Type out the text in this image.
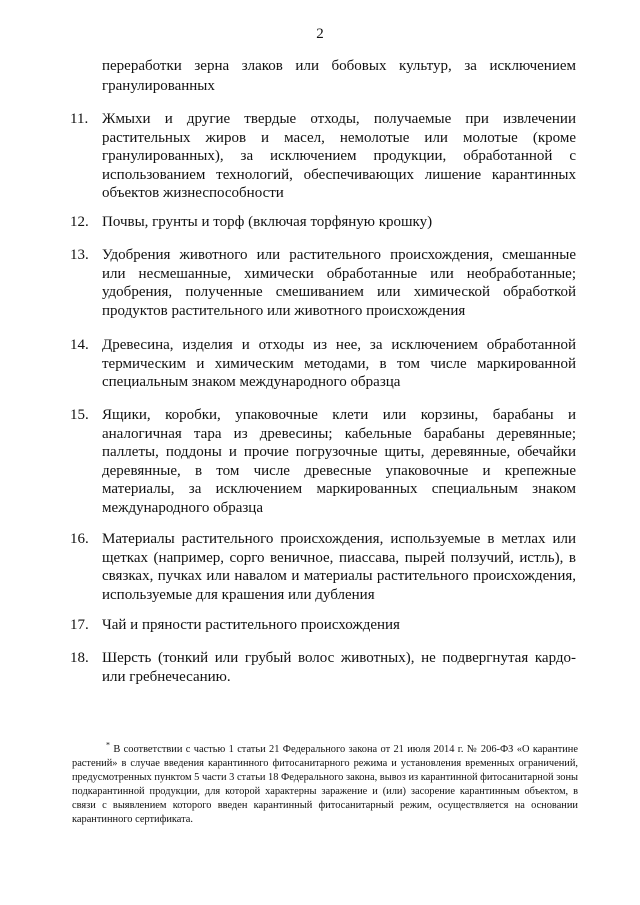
2
переработки зерна злаков или бобовых культур, за исключением гранулированных
11. Жмыхи и другие твердые отходы, получаемые при извлечении растительных жиров и масел, немолотые или молотые (кроме гранулированных), за исключением продукции, обработанной с использованием технологий, обеспечивающих лишение карантинных объектов жизнеспособности
12. Почвы, грунты и торф (включая торфяную крошку)
13. Удобрения животного или растительного происхождения, смешанные или несмешанные, химически обработанные или необработанные; удобрения, полученные смешиванием или химической обработкой продуктов растительного или животного происхождения
14. Древесина, изделия и отходы из нее, за исключением обработанной термическим и химическим методами, в том числе маркированной специальным знаком международного образца
15. Ящики, коробки, упаковочные клети или корзины, барабаны и аналогичная тара из древесины; кабельные барабаны деревянные; паллеты, поддоны и прочие погрузочные щиты, деревянные, обечайки деревянные, в том числе древесные упаковочные и крепежные материалы, за исключением маркированных специальным знаком международного образца
16. Материалы растительного происхождения, используемые в метлах или щетках (например, сорго веничное, пиассава, пырей ползучий, истль), в связках, пучках или навалом и материалы растительного происхождения, используемые для крашения или дубления
17. Чай и пряности растительного происхождения
18. Шерсть (тонкий или грубый волос животных), не подвергнутая кардо- или гребнечесанию.
* В соответствии с частью 1 статьи 21 Федерального закона от 21 июля 2014 г. № 206-ФЗ «О карантине растений» в случае введения карантинного фитосанитарного режима и установления временных ограничений, предусмотренных пунктом 5 части 3 статьи 18 Федерального закона, вывоз из карантинной фитосанитарной зоны подкарантинной продукции, для которой характерны заражение и (или) засорение карантинным объектом, в связи с выявлением которого введен карантинный фитосанитарный режим, осуществляется на основании карантинного сертификата.
